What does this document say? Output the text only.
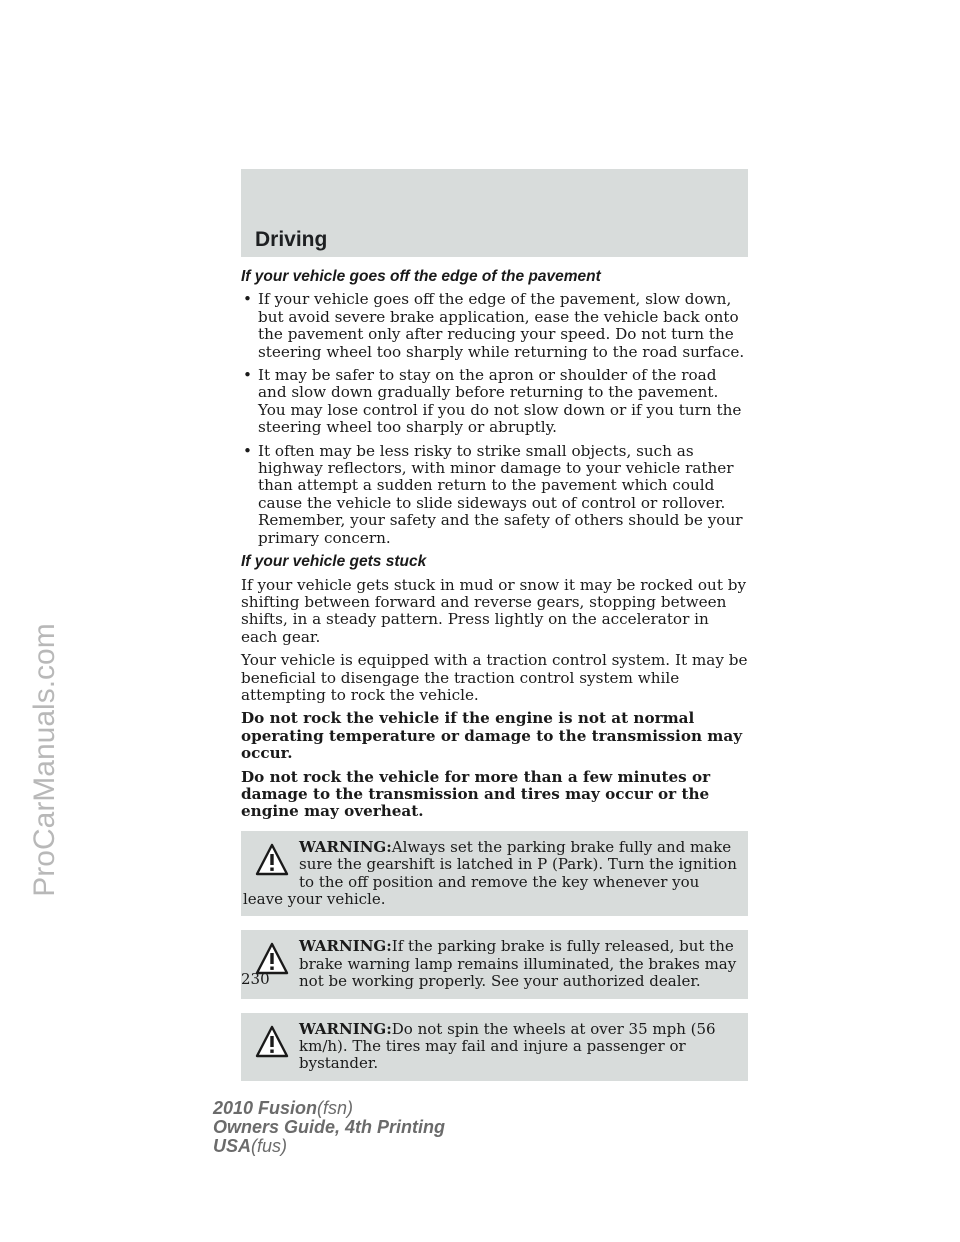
Driving
ProCarManuals.com
If your vehicle goes off the edge of the pavement
• If your vehicle goes off the edge of the pavement, slow down, but avoid severe brake application, ease the vehicle back onto the pavement only after reducing your speed. Do not turn the steering wheel too sharply while returning to the road surface.
• It may be safer to stay on the apron or shoulder of the road and slow down gradually before returning to the pavement. You may lose control if you do not slow down or if you turn the steering wheel too sharply or abruptly.
• It often may be less risky to strike small objects, such as highway reflectors, with minor damage to your vehicle rather than attempt a sudden return to the pavement which could cause the vehicle to slide sideways out of control or rollover. Remember, your safety and the safety of others should be your primary concern.
If your vehicle gets stuck

If your vehicle gets stuck in mud or snow it may be rocked out by shifting between forward and reverse gears, stopping between shifts, in a steady pattern. Press lightly on the accelerator in each gear.

Your vehicle is equipped with a traction control system. It may be beneficial to disengage the traction control system while attempting to rock the vehicle.

Do not rock the vehicle if the engine is not at normal operating temperature or damage to the transmission may occur.

Do not rock the vehicle for more than a few minutes or damage to the transmission and tires may occur or the engine may overheat.

WARNING:Always set the parking brake fully and make sure the gearshift is latched in P (Park). Turn the ignition to the off position and remove the key whenever you leave your vehicle.
WARNING:If the parking brake is fully released, but the brake warning lamp remains illuminated, the brakes may not be working properly. See your authorized dealer.
WARNING:Do not spin the wheels at over 35 mph (56 km/h). The tires may fail and injure a passenger or bystander.
230
2010 Fusion(fsn)
Owners Guide, 4th Printing
USA(fus)
